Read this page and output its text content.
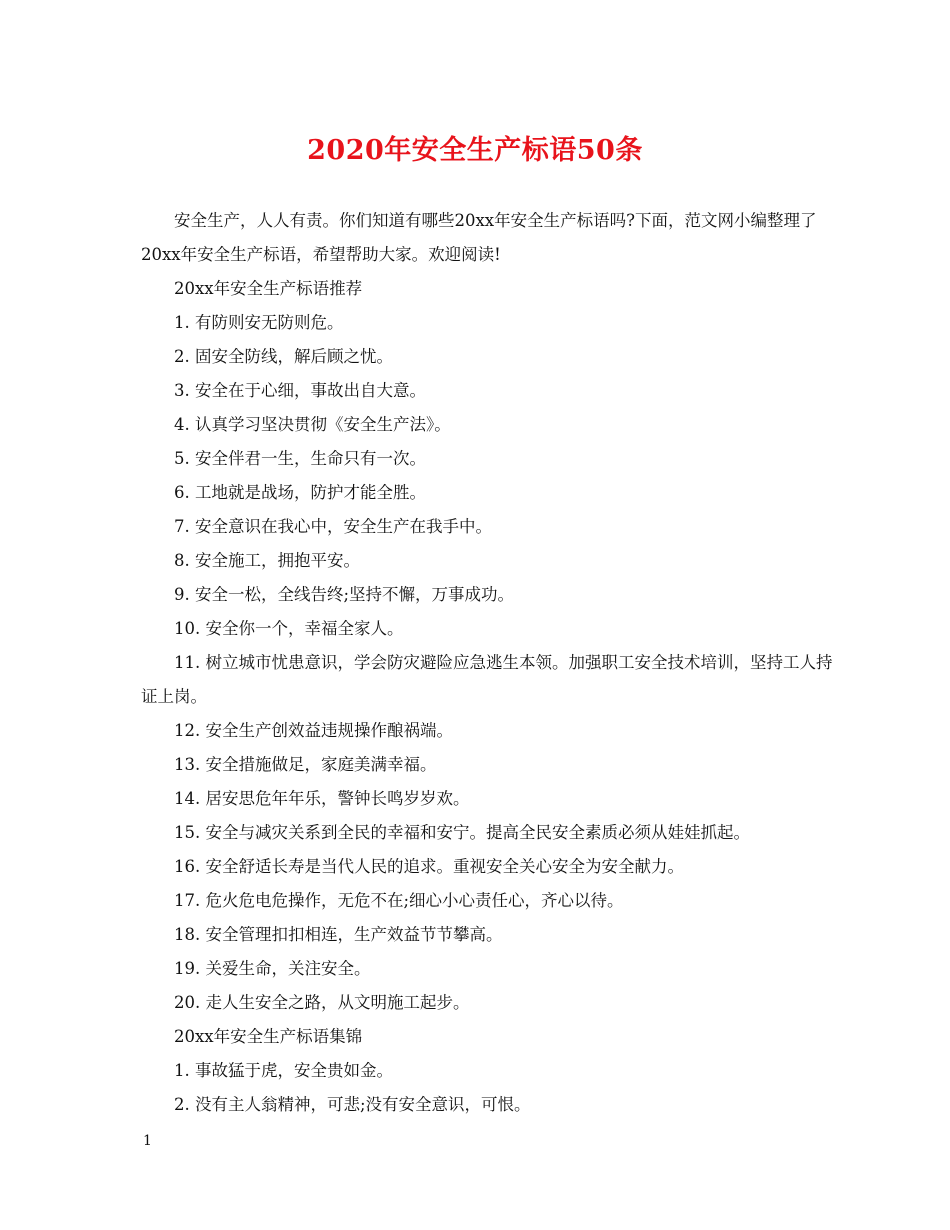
2020年安全生产标语50条

安全生产，人人有责。你们知道有哪些20xx年安全生产标语吗?下面，范文网小编整理了20xx年安全生产标语，希望帮助大家。欢迎阅读!

20xx年安全生产标语推荐

1. 有防则安无防则危。

2. 固安全防线，解后顾之忧。

3. 安全在于心细，事故出自大意。

4. 认真学习坚决贯彻《安全生产法》。

5. 安全伴君一生，生命只有一次。

6. 工地就是战场，防护才能全胜。

7. 安全意识在我心中，安全生产在我手中。

8. 安全施工，拥抱平安。

9. 安全一松，全线告终;坚持不懈，万事成功。

10. 安全你一个，幸福全家人。

11. 树立城市忧患意识，学会防灾避险应急逃生本领。加强职工安全技术培训，坚持工人持证上岗。

12. 安全生产创效益违规操作酿祸端。

13. 安全措施做足，家庭美满幸福。

14. 居安思危年年乐，警钟长鸣岁岁欢。

15. 安全与减灾关系到全民的幸福和安宁。提高全民安全素质必须从娃娃抓起。

16. 安全舒适长寿是当代人民的追求。重视安全关心安全为安全献力。

17. 危火危电危操作，无危不在;细心小心责任心，齐心以待。

18. 安全管理扣扣相连，生产效益节节攀高。

19. 关爱生命，关注安全。

20. 走人生安全之路，从文明施工起步。

20xx年安全生产标语集锦

1. 事故猛于虎，安全贵如金。

2. 没有主人翁精神，可悲;没有安全意识，可恨。

1
